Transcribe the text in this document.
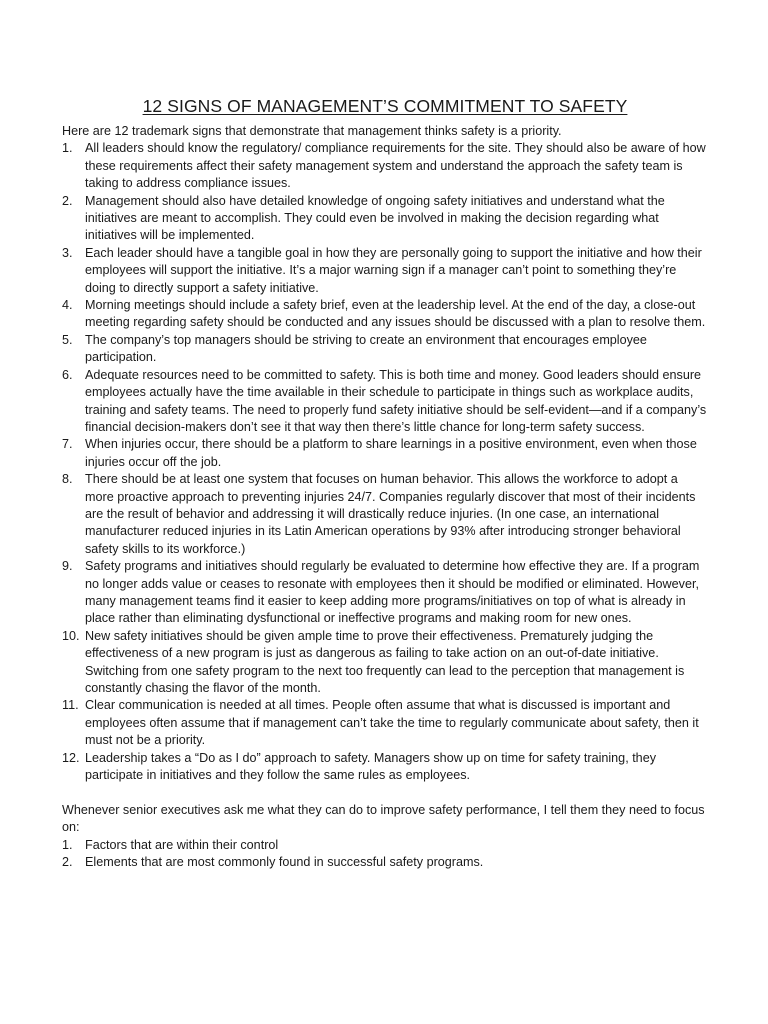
12 SIGNS OF MANAGEMENT’S COMMITMENT TO SAFETY

Here are 12 trademark signs that demonstrate that management thinks safety is a priority.

1. All leaders should know the regulatory/ compliance requirements for the site. They should also be aware of how these requirements affect their safety management system and understand the approach the safety team is taking to address compliance issues.
2. Management should also have detailed knowledge of ongoing safety initiatives and understand what the initiatives are meant to accomplish. They could even be involved in making the decision regarding what initiatives will be implemented.
3. Each leader should have a tangible goal in how they are personally going to support the initiative and how their employees will support the initiative. It’s a major warning sign if a manager can’t point to something they’re doing to directly support a safety initiative.
4. Morning meetings should include a safety brief, even at the leadership level. At the end of the day, a close-out meeting regarding safety should be conducted and any issues should be discussed with a plan to resolve them.
5. The company’s top managers should be striving to create an environment that encourages employee participation.
6. Adequate resources need to be committed to safety. This is both time and money. Good leaders should ensure employees actually have the time available in their schedule to participate in things such as workplace audits, training and safety teams. The need to properly fund safety initiative should be self-evident—and if a company’s financial decision-makers don’t see it that way then there’s little chance for long-term safety success.
7. When injuries occur, there should be a platform to share learnings in a positive environment, even when those injuries occur off the job.
8. There should be at least one system that focuses on human behavior. This allows the workforce to adopt a more proactive approach to preventing injuries 24/7. Companies regularly discover that most of their incidents are the result of behavior and addressing it will drastically reduce injuries. (In one case, an international manufacturer reduced injuries in its Latin American operations by 93% after introducing stronger behavioral safety skills to its workforce.)
9. Safety programs and initiatives should regularly be evaluated to determine how effective they are. If a program no longer adds value or ceases to resonate with employees then it should be modified or eliminated. However, many management teams find it easier to keep adding more programs/initiatives on top of what is already in place rather than eliminating dysfunctional or ineffective programs and making room for new ones.
10. New safety initiatives should be given ample time to prove their effectiveness. Prematurely judging the effectiveness of a new program is just as dangerous as failing to take action on an out-of-date initiative. Switching from one safety program to the next too frequently can lead to the perception that management is constantly chasing the flavor of the month.
11. Clear communication is needed at all times. People often assume that what is discussed is important and employees often assume that if management can’t take the time to regularly communicate about safety, then it must not be a priority.
12. Leadership takes a “Do as I do” approach to safety. Managers show up on time for safety training, they participate in initiatives and they follow the same rules as employees.

Whenever senior executives ask me what they can do to improve safety performance, I tell them they need to focus on:

1. Factors that are within their control
2. Elements that are most commonly found in successful safety programs.
